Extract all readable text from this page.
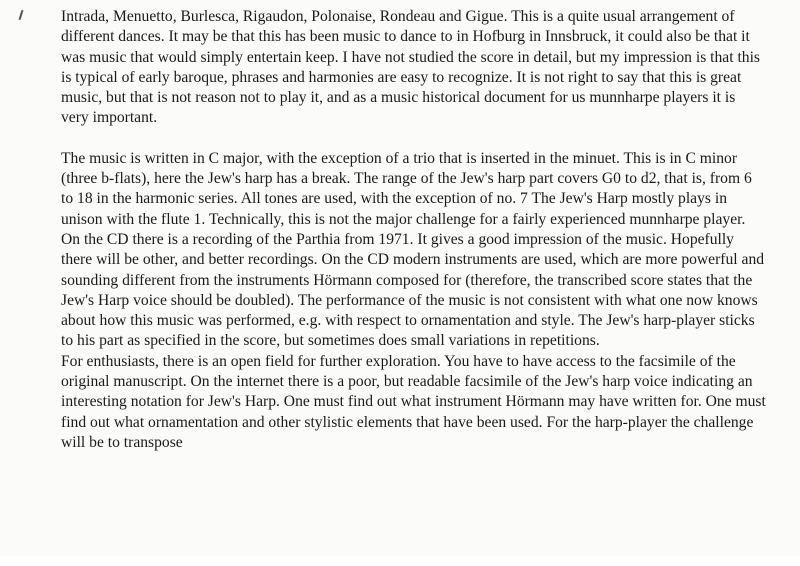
Intrada, Menuetto, Burlesca, Rigaudon, Polonaise, Rondeau and Gigue. This is a quite usual arrangement of different dances. It may be that this has been music to dance to in Hofburg in Innsbruck, it could also be that it was music that would simply entertain keep. I have not studied the score in detail, but my impression is that this is typical of early baroque, phrases and harmonies are easy to recognize. It is not right to say that this is great music, but that is not reason not to play it, and as a music historical document for us munnharpe players it is very important.

The music is written in C major, with the exception of a trio that is inserted in the minuet. This is in C minor (three b-flats), here the Jew's harp has a break. The range of the Jew's harp part covers G0 to d2, that is, from 6 to 18 in the harmonic series. All tones are used, with the exception of no. 7 The Jew's Harp mostly plays in unison with the flute 1. Technically, this is not the major challenge for a fairly experienced munnharpe player.

On the CD there is a recording of the Parthia from 1971. It gives a good impression of the music. Hopefully there will be other, and better recordings. On the CD modern instruments are used, which are more powerful and sounding different from the instruments Hörmann composed for (therefore, the transcribed score states that the Jew's Harp voice should be doubled). The performance of the music is not consistent with what one now knows about how this music was performed, e.g. with respect to ornamentation and style. The Jew's harp-player sticks to his part as specified in the score, but sometimes does small variations in repetitions.

For enthusiasts, there is an open field for further exploration. You have to have access to the facsimile of the original manuscript. On the internet there is a poor, but readable facsimile of the Jew's harp voice indicating an interesting notation for Jew's Harp. One must find out what instrument Hörmann may have written for. One must find out what ornamentation and other stylistic elements that have been used. For the harp-player the challenge will be to transpose
